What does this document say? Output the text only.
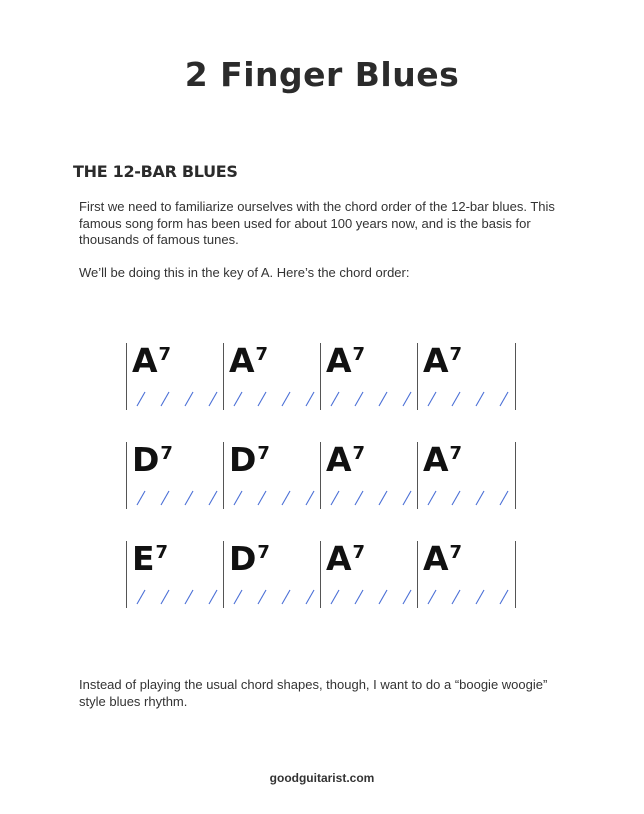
2 Finger Blues
THE 12-BAR BLUES
First we need to familiarize ourselves with the chord order of the 12-bar blues. This famous song form has been used for about 100 years now, and is the basis for thousands of famous tunes.
We’ll be doing this in the key of A. Here’s the chord order:
$A^7$ $A^7$ $A^7$ $A^7$
$D^7$ $D^7$ $A^7$ $A^7$
$E^7$ $D^7$ $A^7$ $A^7$
Instead of playing the usual chord shapes, though, I want to do a “boogie woogie” style blues rhythm.
goodguitarist.com
